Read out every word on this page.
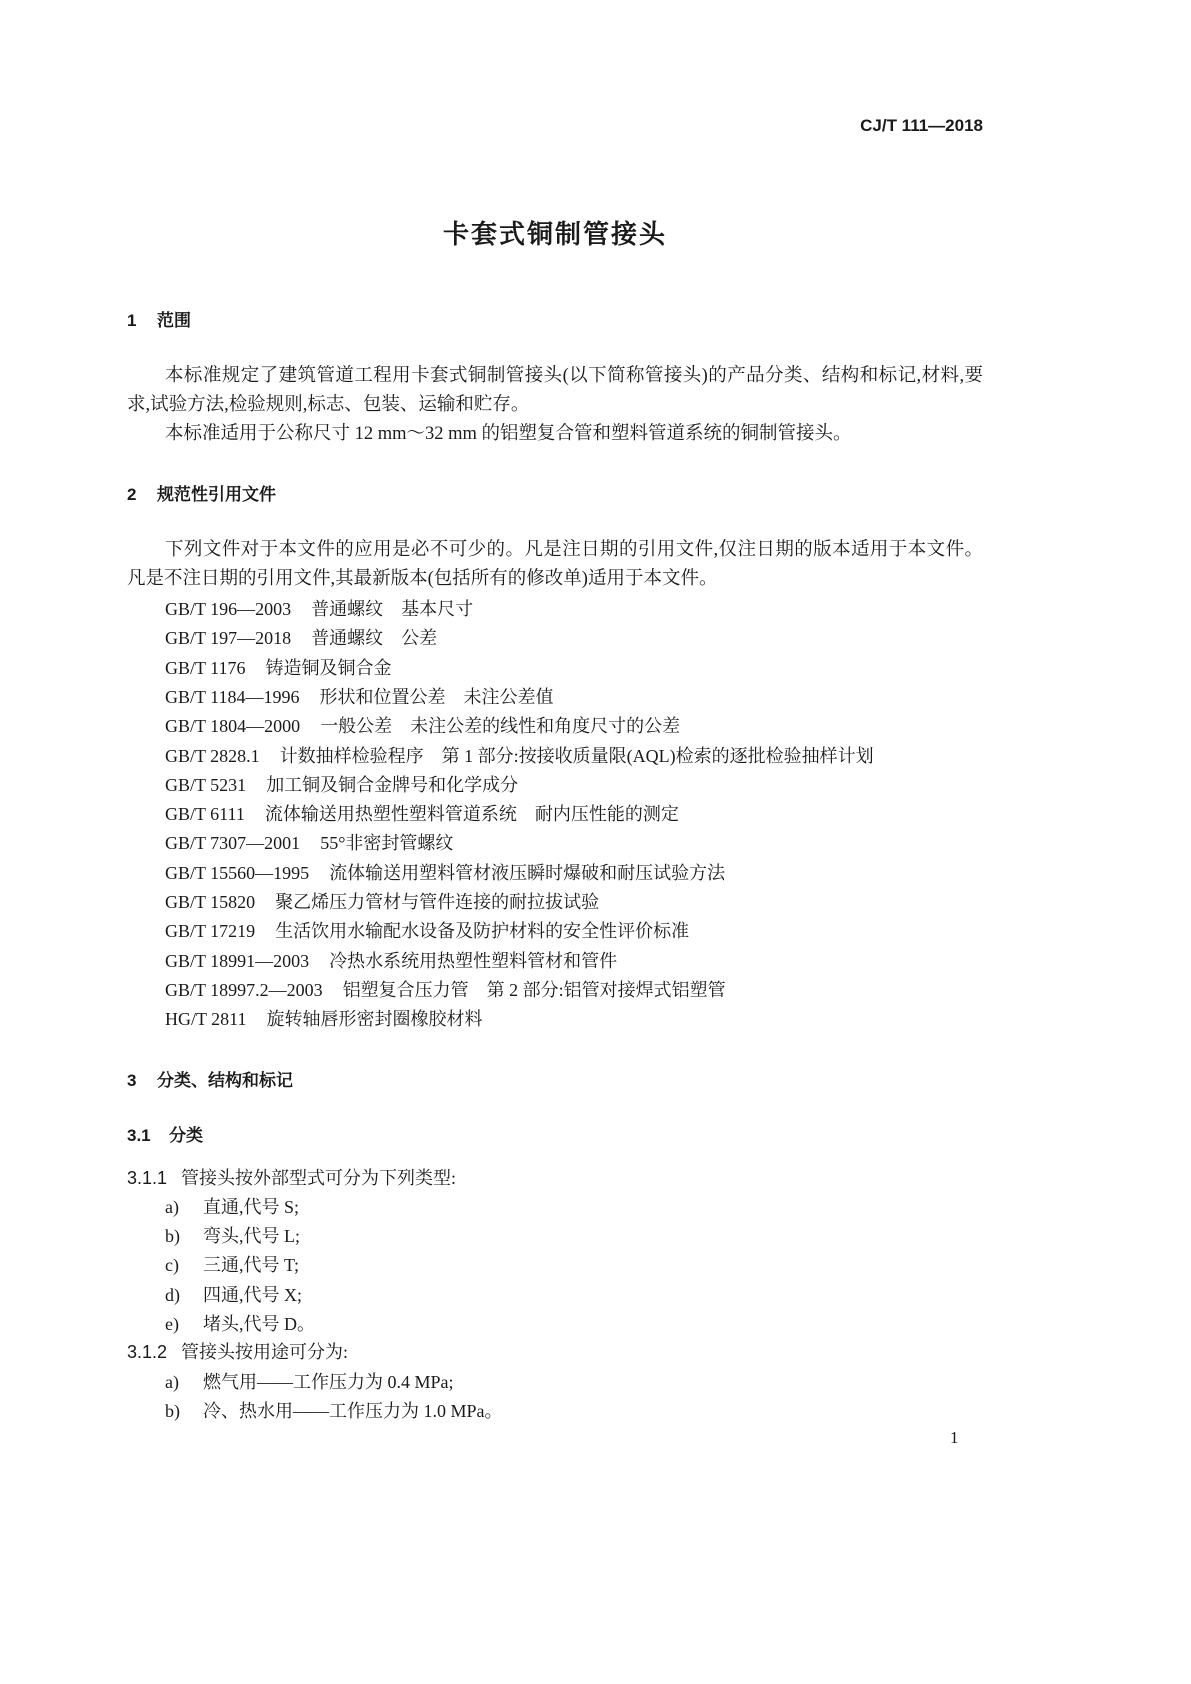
CJ/T 111—2018
卡套式铜制管接头
1 范围
本标准规定了建筑管道工程用卡套式铜制管接头(以下简称管接头)的产品分类、结构和标记,材料,要求,试验方法,检验规则,标志、包装、运输和贮存。
本标准适用于公称尺寸 12 mm～32 mm 的铝塑复合管和塑料管道系统的铜制管接头。
2 规范性引用文件
下列文件对于本文件的应用是必不可少的。凡是注日期的引用文件,仅注日期的版本适用于本文件。凡是不注日期的引用文件,其最新版本(包括所有的修改单)适用于本文件。
GB/T 196—2003 普通螺纹　基本尺寸
GB/T 197—2018 普通螺纹　公差
GB/T 1176 铸造铜及铜合金
GB/T 1184—1996 形状和位置公差　未注公差值
GB/T 1804—2000 一般公差　未注公差的线性和角度尺寸的公差
GB/T 2828.1 计数抽样检验程序　第 1 部分:按接收质量限(AQL)检索的逐批检验抽样计划
GB/T 5231 加工铜及铜合金牌号和化学成分
GB/T 6111 流体输送用热塑性塑料管道系统　耐内压性能的测定
GB/T 7307—2001 55°非密封管螺纹
GB/T 15560—1995 流体输送用塑料管材液压瞬时爆破和耐压试验方法
GB/T 15820 聚乙烯压力管材与管件连接的耐拉拔试验
GB/T 17219 生活饮用水输配水设备及防护材料的安全性评价标准
GB/T 18991—2003 冷热水系统用热塑性塑料管材和管件
GB/T 18997.2—2003 铝塑复合压力管　第 2 部分:铝管对接焊式铝塑管
HG/T 2811 旋转轴唇形密封圈橡胶材料
3 分类、结构和标记
3.1 分类
3.1.1 管接头按外部型式可分为下列类型:
a) 直通,代号 S;
b) 弯头,代号 L;
c) 三通,代号 T;
d) 四通,代号 X;
e) 堵头,代号 D。
3.1.2 管接头按用途可分为:
a) 燃气用——工作压力为 0.4 MPa;
b) 冷、热水用——工作压力为 1.0 MPa。
1
